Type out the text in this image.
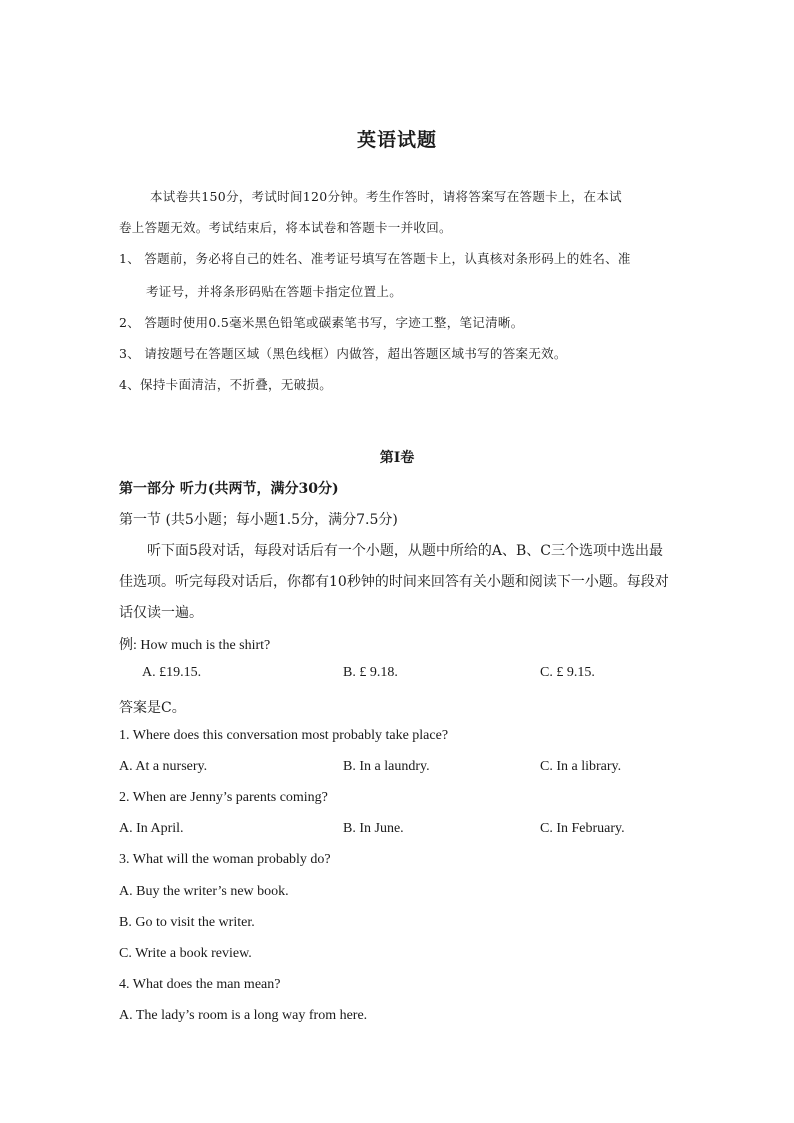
英语试题
本试卷共150分，考试时间120分钟。考生作答时，请将答案写在答题卡上，在本试
卷上答题无效。考试结束后，将本试卷和答题卡一并收回。
1、 答题前，务必将自己的姓名、准考证号填写在答题卡上，认真核对条形码上的姓名、准
考证号，并将条形码贴在答题卡指定位置上。
2、 答题时使用0.5毫米黑色铅笔或碳素笔书写，字迹工整，笔记清晰。
3、 请按题号在答题区域（黑色线框）内做答，超出答题区域书写的答案无效。
4、保持卡面清洁，不折叠，无破损。
第I卷
第一部分 听力(共两节，满分30分)
第一节 (共5小题；每小题1.5分，满分7.5分)
听下面5段对话，每段对话后有一个小题，从题中所给的A、B、C三个选项中选出最
佳选项。听完每段对话后，你都有10秒钟的时间来回答有关小题和阅读下一小题。每段对
话仅读一遍。
例: How much is the shirt?
A. £19.15.	B. £ 9.18.	C. £ 9.15.
答案是C。
1. Where does this conversation most probably take place?
A. At a nursery.	B. In a laundry.	C. In a library.
2. When are Jenny’s parents coming?
A. In April.	B. In June.	C. In February.
3. What will the woman probably do?
A. Buy the writer’s new book.
B. Go to visit the writer.
C. Write a book review.
4. What does the man mean?
A. The lady’s room is a long way from here.
